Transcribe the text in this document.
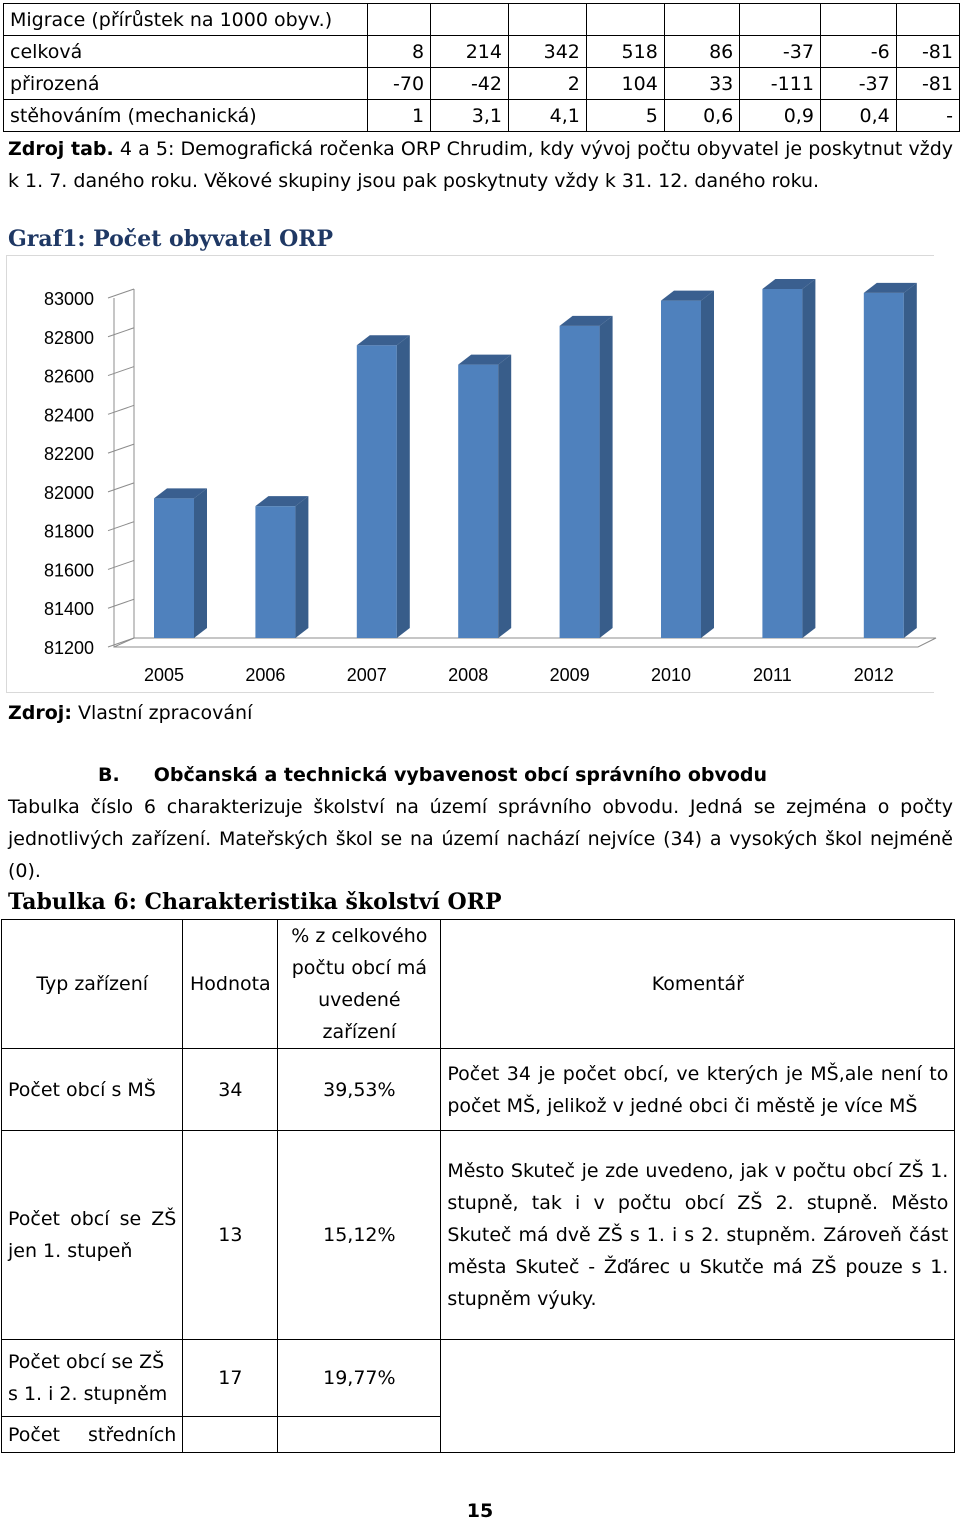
Migrace (přírůstek na 1000 obyv.)								
celková	8	214	342	518	86	-37	-6	-81
přirozená	-70	-42	2	104	33	-111	-37	-81
stěhováním (mechanická)	1	3,1	4,1	5	0,6	0,9	0,4	-
Zdroj tab. 4 a 5: Demografická ročenka ORP Chrudim, kdy vývoj počtu obyvatel je poskytnut vždy k 1. 7. daného roku. Věkové skupiny jsou pak poskytnuty vždy k 31. 12. daného roku.
Graf1: Počet obyvatel ORP
83000
82800
82600
82400
82200
82000
81800
81600
81400
81200
2005	2006	2007	2008	2009	2010	2011	2012
Zdroj: Vlastní zpracování
B. Občanská a technická vybavenost obcí správního obvodu
Tabulka číslo 6 charakterizuje školství na území správního obvodu. Jedná se zejména o počty jednotlivých zařízení. Mateřských škol se na území nachází nejvíce (34) a vysokých škol nejméně (0).
Tabulka 6: Charakteristika školství ORP
Typ zařízení	Hodnota	% z celkového počtu obcí má uvedené zařízení	Komentář
Počet obcí s MŠ	34	39,53%	Počet 34 je počet obcí, ve kterých je MŠ,ale není to počet MŠ, jelikož v jedné obci či městě je více MŠ
Počet obcí se ZŠ jen 1. stupeň	13	15,12%	Město Skuteč je zde uvedeno, jak v počtu obcí ZŠ 1. stupně, tak i v počtu obcí ZŠ 2. stupně. Město Skuteč má dvě ZŠ s 1. i s 2. stupněm. Zároveň část města Skuteč - Žďárec u Skutče má ZŠ pouze s 1. stupněm výuky.
Počet obcí se ZŠ s 1. i 2. stupněm	17	19,77%	
Počet středních			
15
